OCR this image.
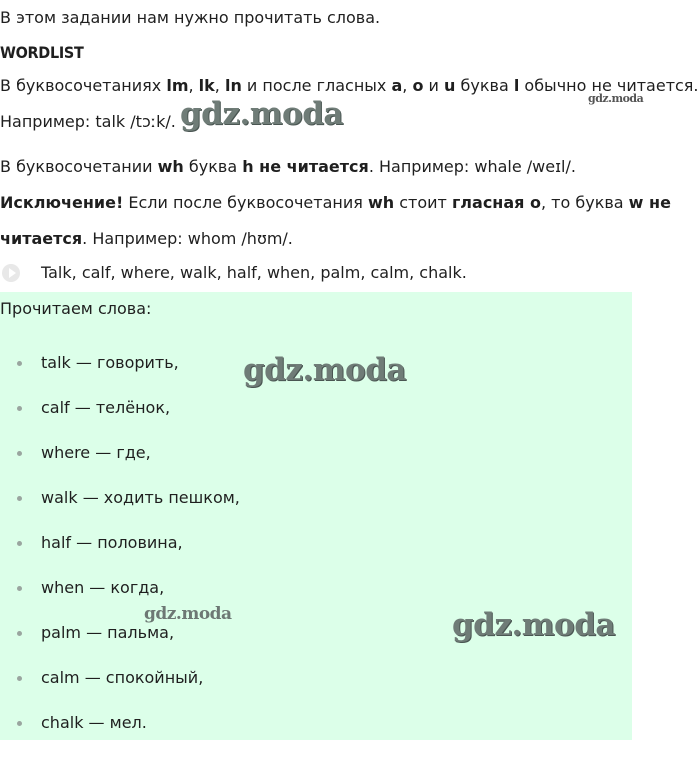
В этом задании нам нужно прочитать слова.
WORDLIST
В буквосочетаниях lm, lk, ln и после гласных a, o и u буква l обычно не читается.
Например: talk /tɔːk/.
В буквосочетании wh буква h не читается. Например: whale /weɪl/.
Исключение! Если после буквосочетания wh стоит гласная о, то буква w не
читается. Например: whom /hʊm/.
Talk, calf, where, walk, half, when, palm, calm, chalk.
Прочитаем слова:
talk — говорить,
calf — телёнок,
where — где,
walk — ходить пешком,
half — половина,
when — когда,
palm — пальма,
calm — спокойный,
chalk — мел.
gdz.moda
gdz.moda
gdz.moda
gdz.moda	gdz.moda
